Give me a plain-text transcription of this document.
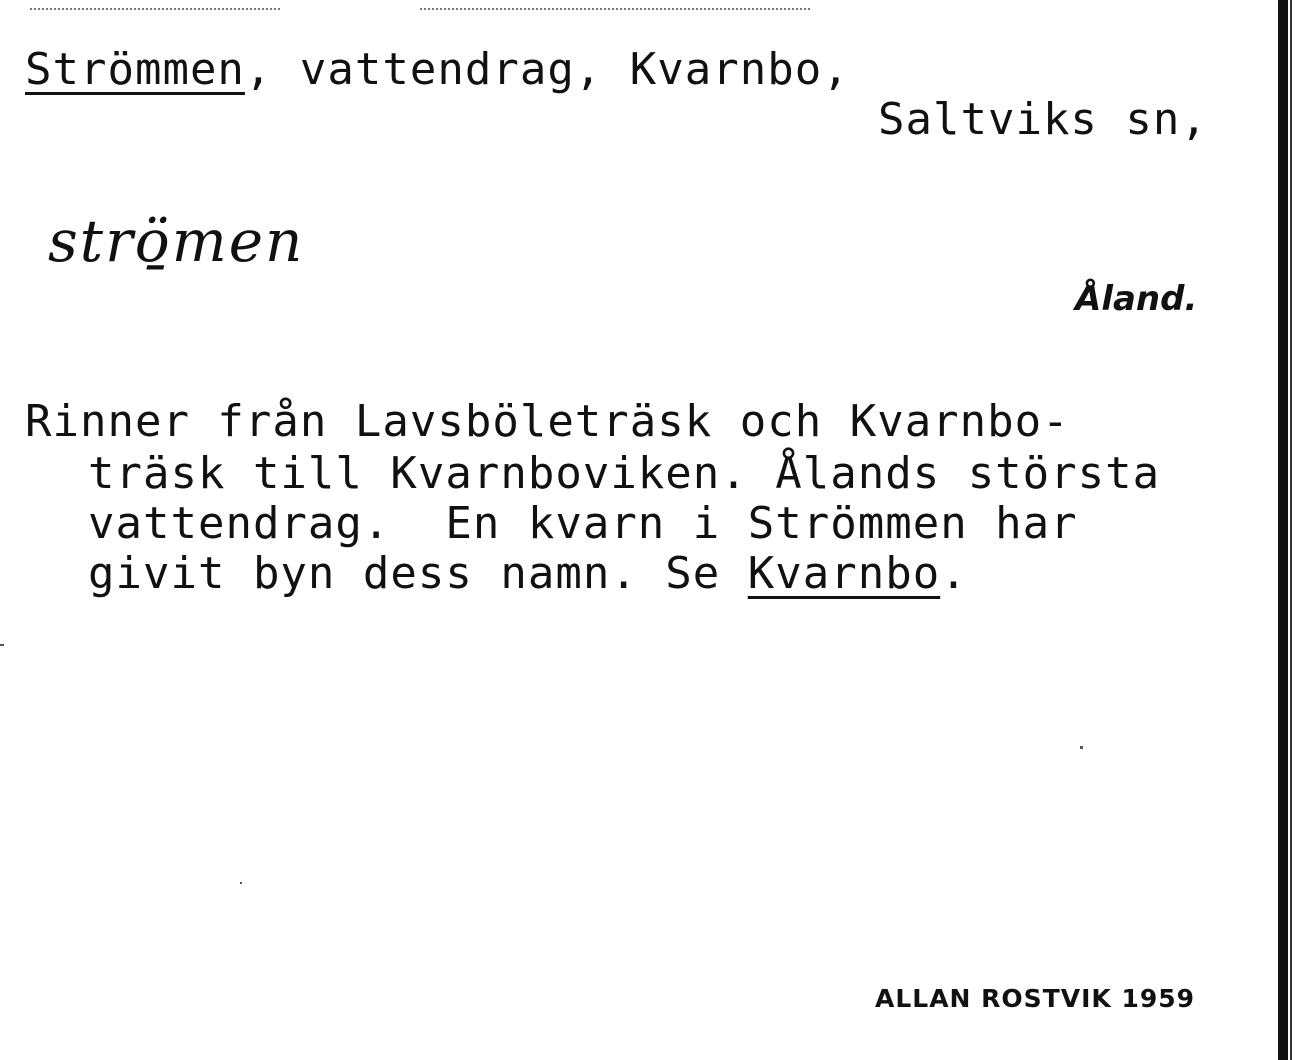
Strömmen, vattendrag, Kvarnbo,
Saltviks sn,
strö̱men
Åland.
Rinner från Lavsböleträsk och Kvarnbo-
träsk till Kvarnboviken. Ålands största
vattendrag.  En kvarn i Strömmen har
givit byn dess namn. Se Kvarnbo.
ALLAN ROSTVIK 1959
